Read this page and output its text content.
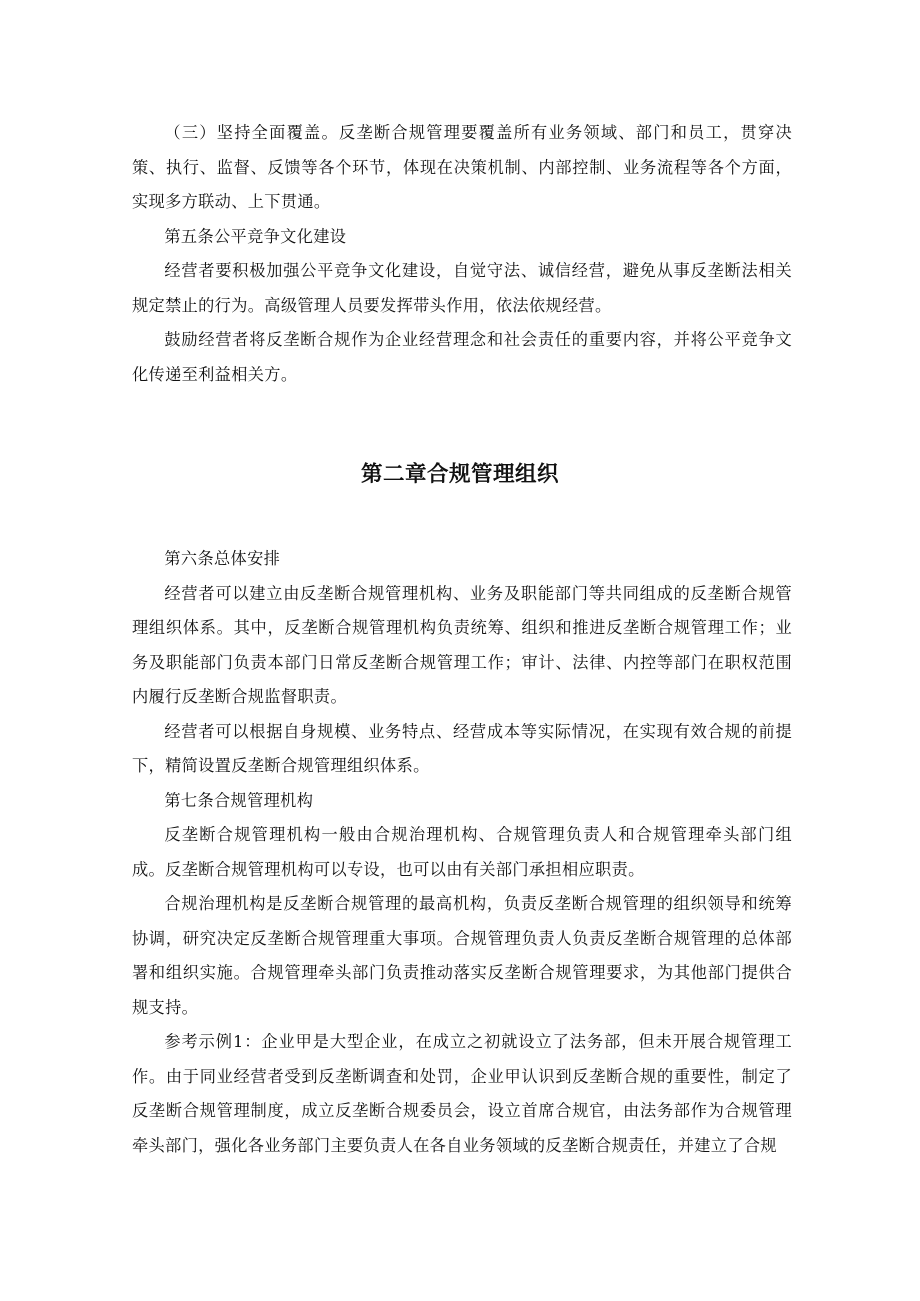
（三）坚持全面覆盖。反垄断合规管理要覆盖所有业务领域、部门和员工，贯穿决策、执行、监督、反馈等各个环节，体现在决策机制、内部控制、业务流程等各个方面，实现多方联动、上下贯通。

第五条公平竞争文化建设

经营者要积极加强公平竞争文化建设，自觉守法、诚信经营，避免从事反垄断法相关规定禁止的行为。高级管理人员要发挥带头作用，依法依规经营。

鼓励经营者将反垄断合规作为企业经营理念和社会责任的重要内容，并将公平竞争文化传递至利益相关方。

第二章合规管理组织

第六条总体安排

经营者可以建立由反垄断合规管理机构、业务及职能部门等共同组成的反垄断合规管理组织体系。其中，反垄断合规管理机构负责统筹、组织和推进反垄断合规管理工作；业务及职能部门负责本部门日常反垄断合规管理工作；审计、法律、内控等部门在职权范围内履行反垄断合规监督职责。

经营者可以根据自身规模、业务特点、经营成本等实际情况，在实现有效合规的前提下，精简设置反垄断合规管理组织体系。

第七条合规管理机构

反垄断合规管理机构一般由合规治理机构、合规管理负责人和合规管理牵头部门组成。反垄断合规管理机构可以专设，也可以由有关部门承担相应职责。

合规治理机构是反垄断合规管理的最高机构，负责反垄断合规管理的组织领导和统筹协调，研究决定反垄断合规管理重大事项。合规管理负责人负责反垄断合规管理的总体部署和组织实施。合规管理牵头部门负责推动落实反垄断合规管理要求，为其他部门提供合规支持。

参考示例1：企业甲是大型企业，在成立之初就设立了法务部，但未开展合规管理工作。由于同业经营者受到反垄断调查和处罚，企业甲认识到反垄断合规的重要性，制定了反垄断合规管理制度，成立反垄断合规委员会，设立首席合规官，由法务部作为合规管理牵头部门，强化各业务部门主要负责人在各自业务领域的反垄断合规责任，并建立了合规
